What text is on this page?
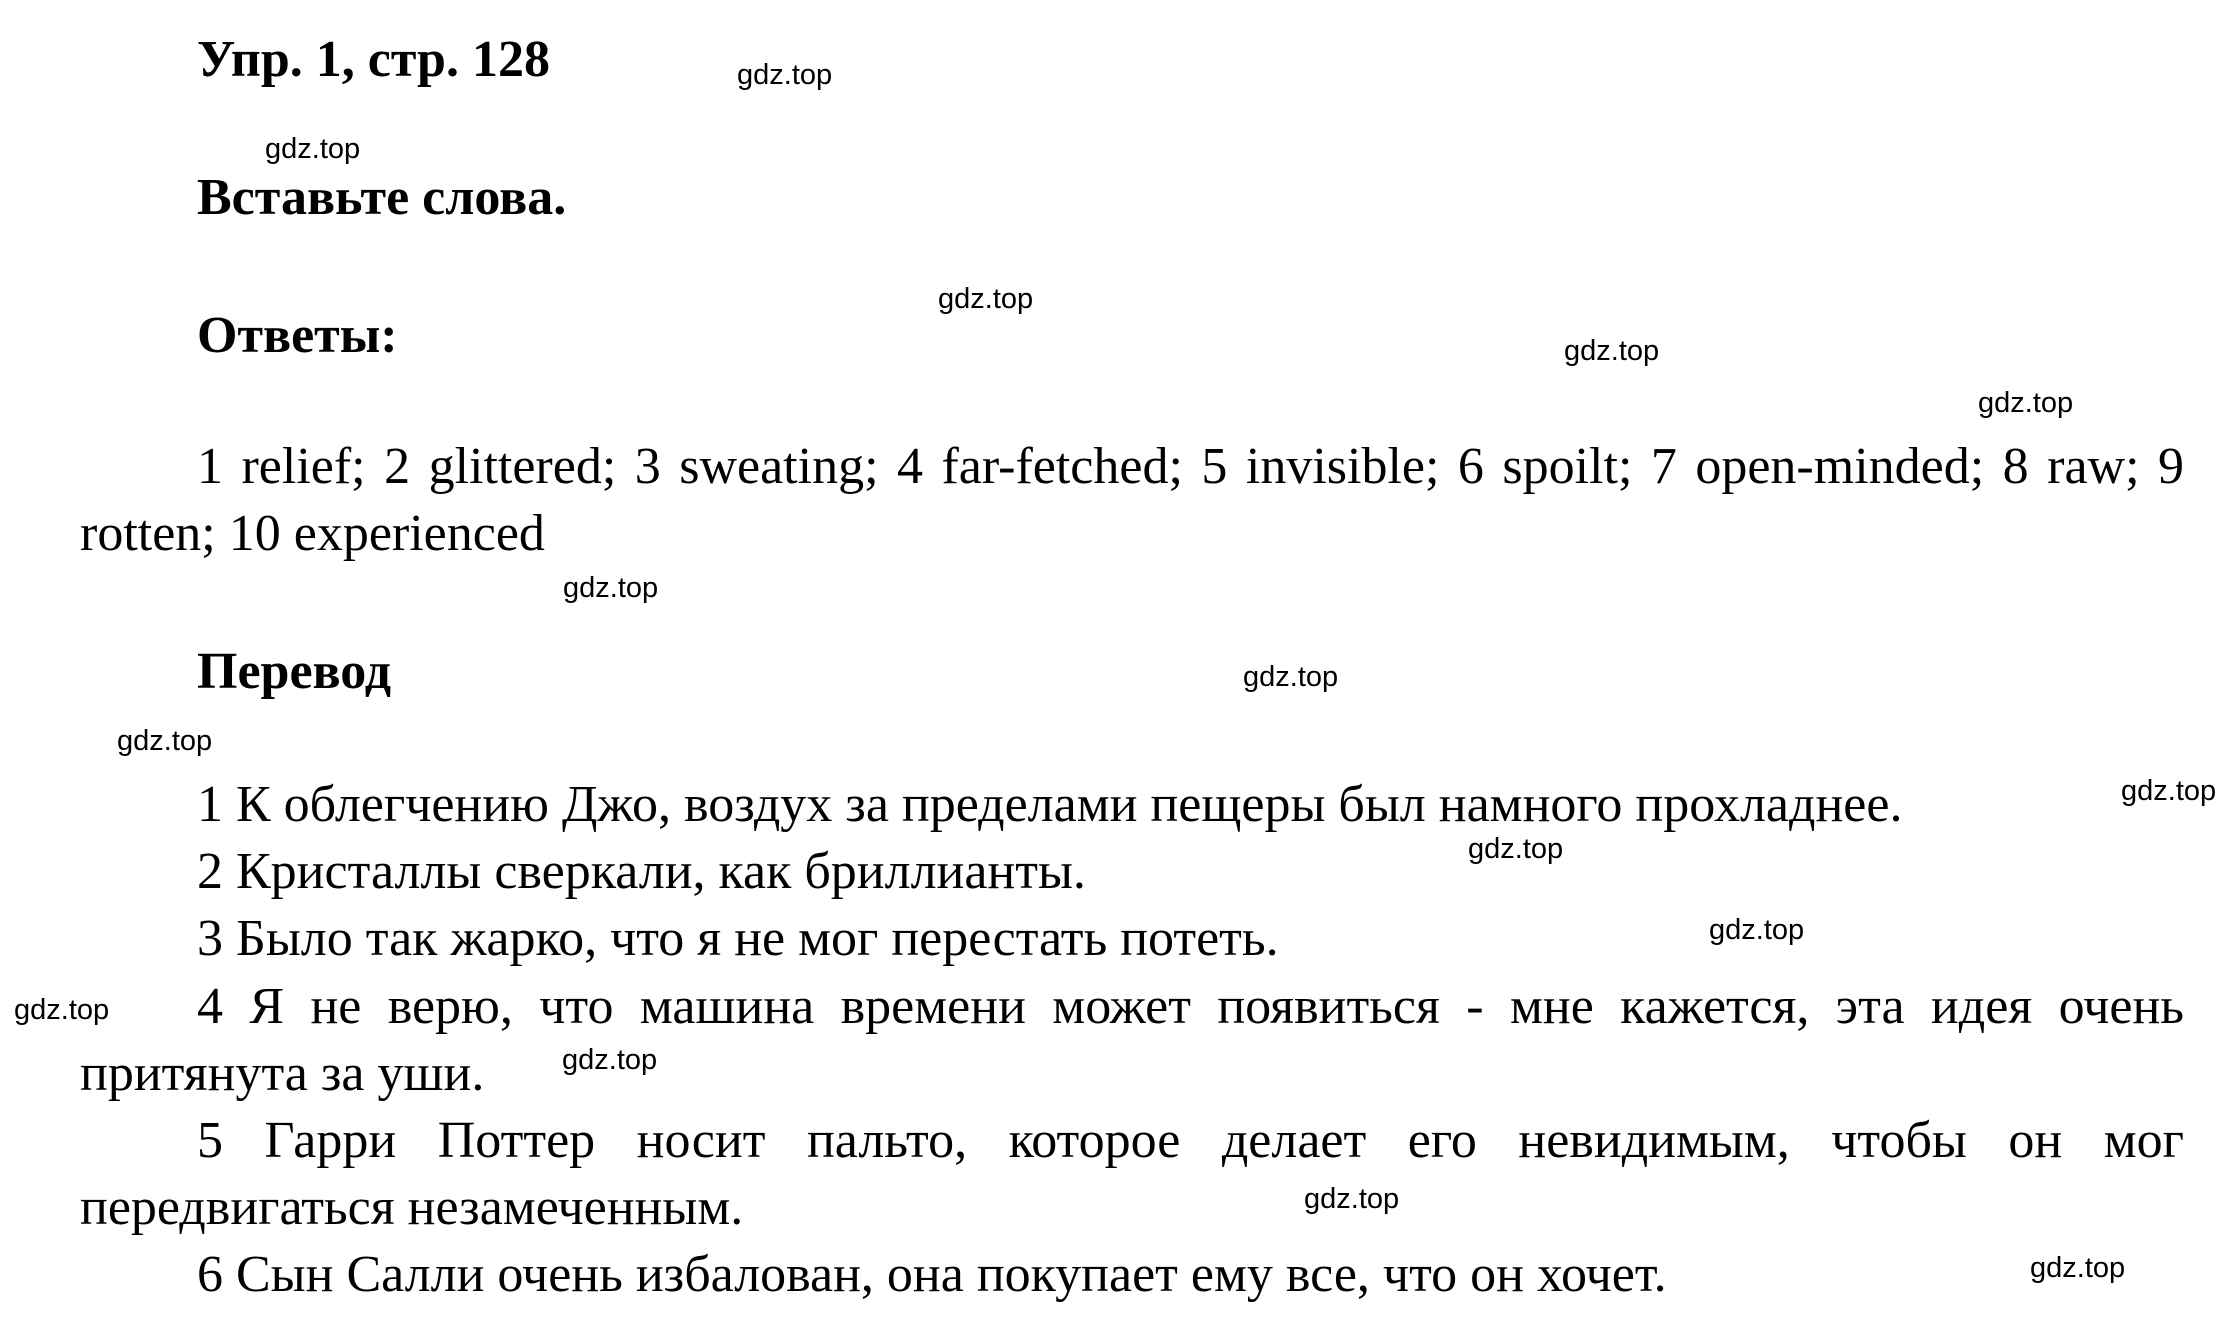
Упр. 1, стр. 128
Вставьте слова.
Ответы:
1 relief; 2 glittered; 3 sweating; 4 far-fetched; 5 invisible; 6 spoilt; 7 open-minded; 8 raw; 9 rotten; 10 experienced
Перевод
1 К облегчению Джо, воздух за пределами пещеры был намного прохладнее.
2 Кристаллы сверкали, как бриллианты.
3 Было так жарко, что я не мог перестать потеть.
4 Я не верю, что машина времени может появиться - мне кажется, эта идея очень притянута за уши.
5 Гарри Поттер носит пальто, которое делает его невидимым, чтобы он мог передвигаться незамеченным.
6 Сын Салли очень избалован, она покупает ему все, что он хочет.
gdz.top
gdz.top
gdz.top
gdz.top
gdz.top
gdz.top
gdz.top
gdz.top
gdz.top
gdz.top
gdz.top
gdz.top
gdz.top
gdz.top
gdz.top
